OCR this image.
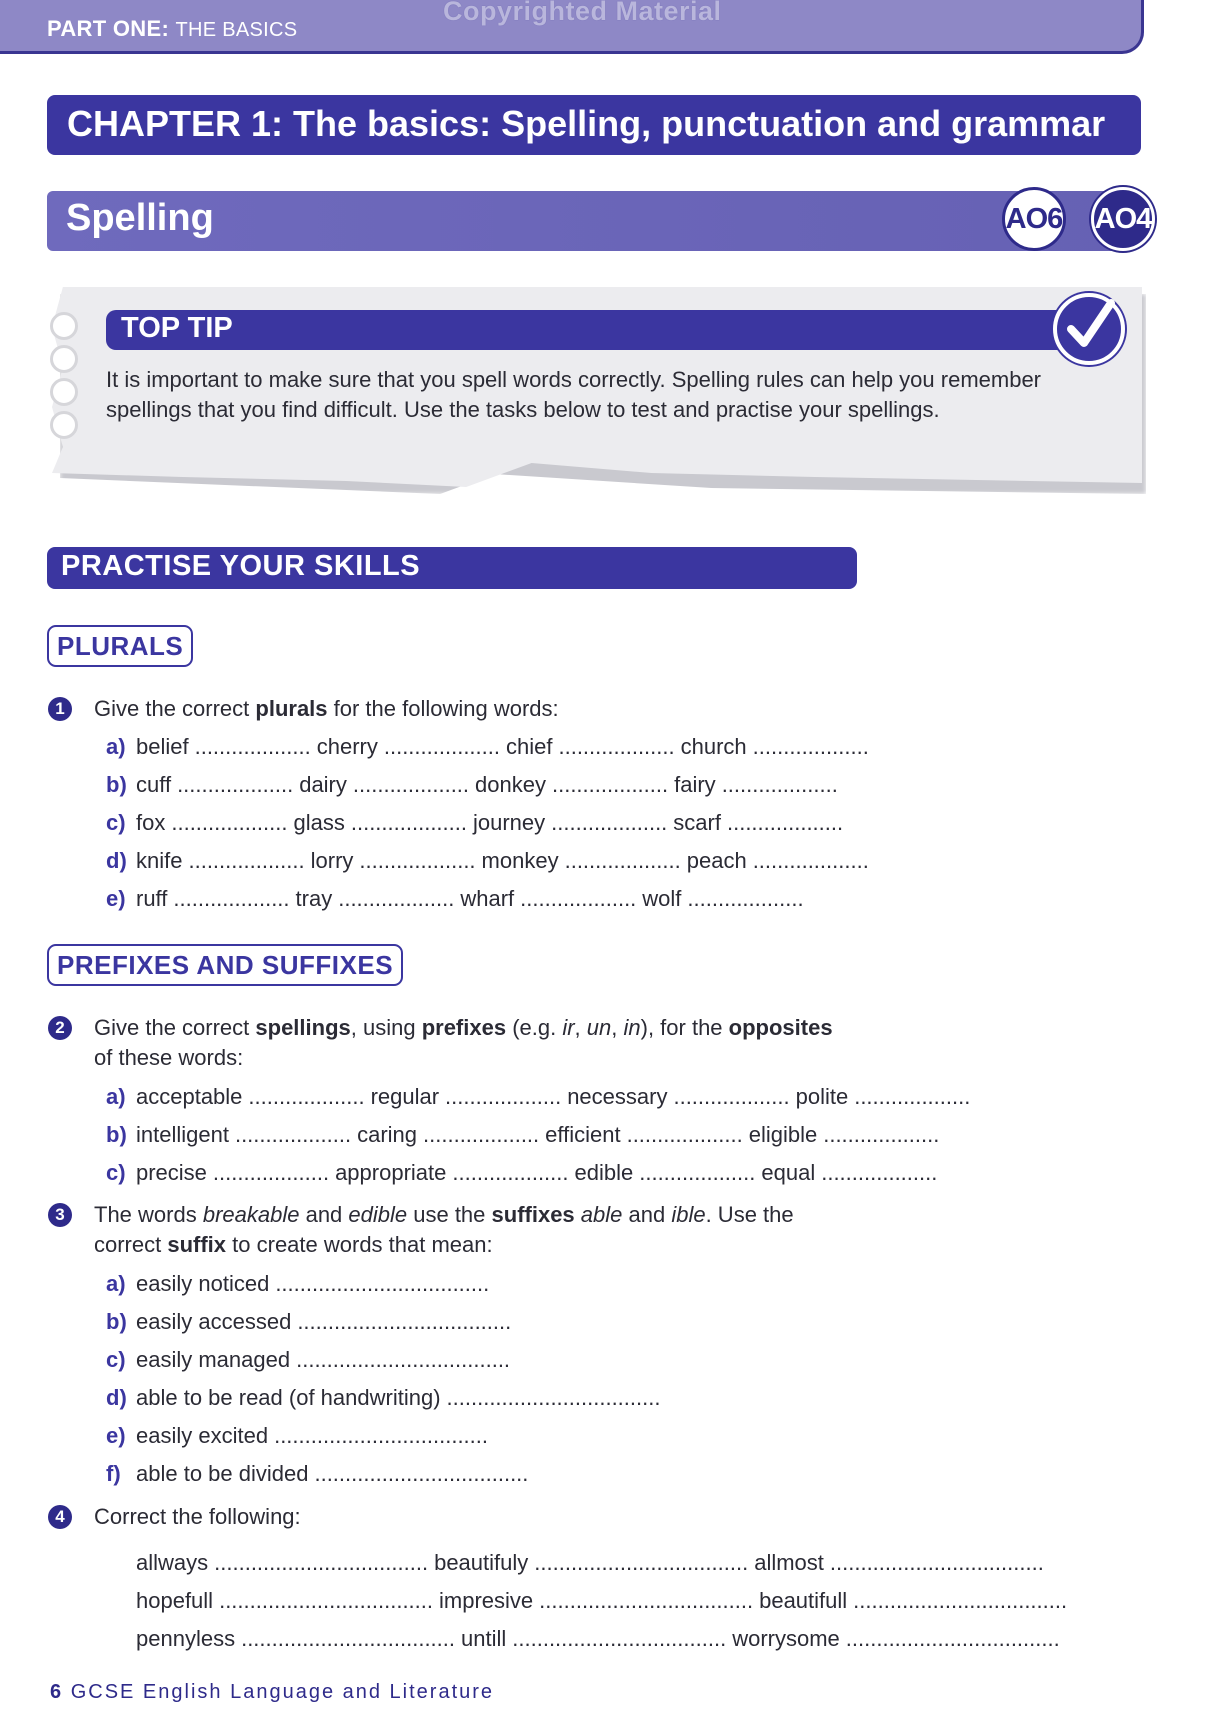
PART ONE: THE BASICS
Copyrighted Material
CHAPTER 1: The basics: Spelling, punctuation and grammar
Spelling	AO6 AO4
TOP TIP
It is important to make sure that you spell words correctly. Spelling rules can help you remember spellings that you find difficult. Use the tasks below to test and practise your spellings.
PRACTISE YOUR SKILLS
PLURALS
1	Give the correct plurals for the following words:
a) belief ................... cherry ................... chief ................... church ...................
b) cuff ................... dairy ................... donkey ................... fairy ...................
c) fox ................... glass ................... journey ................... scarf ...................
d) knife ................... lorry ................... monkey ................... peach ...................
e) ruff ................... tray ................... wharf ................... wolf ...................
PREFIXES AND SUFFIXES
2	Give the correct spellings, using prefixes (e.g. ir, un, in), for the opposites
of these words:
a) acceptable ................... regular ................... necessary ................... polite ...................
b) intelligent ................... caring ................... efficient ................... eligible ...................
c) precise ................... appropriate ................... edible ................... equal ...................
3	The words breakable and edible use the suffixes able and ible. Use the
correct suffix to create words that mean:
a) easily noticed ...................................
b) easily accessed ...................................
c) easily managed ...................................
d) able to be read (of handwriting) ...................................
e) easily excited ...................................
f) able to be divided ...................................
4	Correct the following:
allways ................................... beautifuly ................................... allmost ...................................
hopefull ................................... impresive ................................... beautifull ...................................
pennyless ................................... untill ................................... worrysome ...................................
6 GCSE English Language and Literature
